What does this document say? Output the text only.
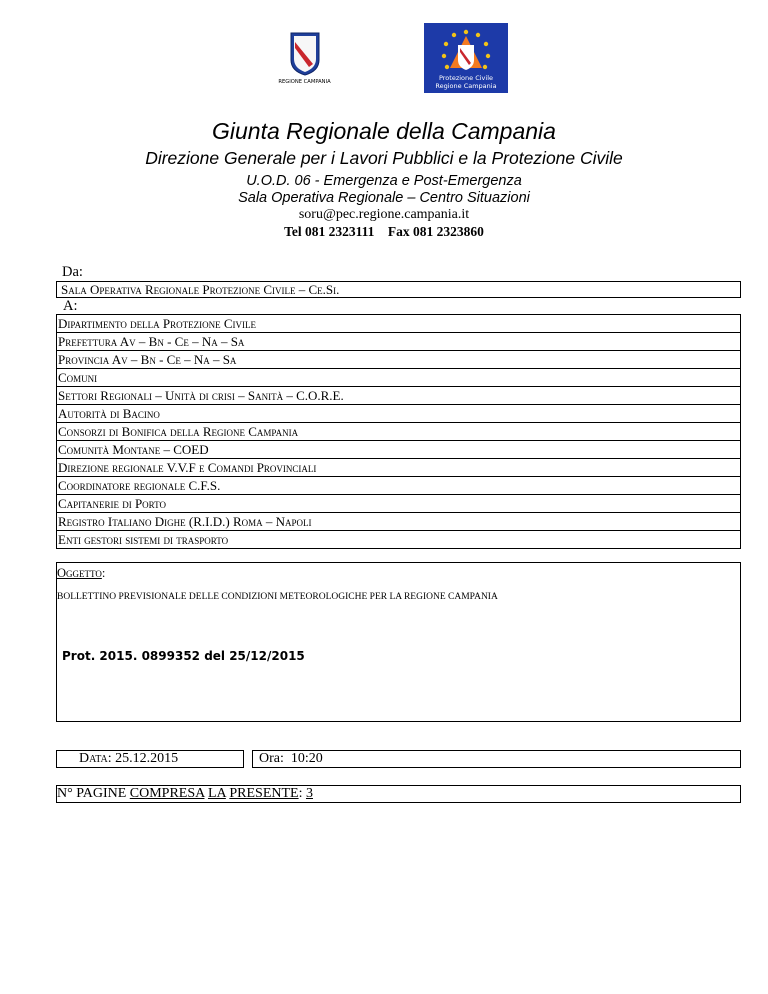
REGIONE CAMPANIA	Protezione Civile
Regione Campania
Giunta Regionale della Campania
Direzione Generale per i Lavori Pubblici e la Protezione Civile
U.O.D. 06 - Emergenza e Post-Emergenza
Sala Operativa Regionale – Centro Situazioni
soru@pec.regione.campania.it
Tel 081 2323111    Fax 081 2323860
Da:
Sala Operativa Regionale Protezione Civile – Ce.Si.
A:
Dipartimento della Protezione Civile
Prefettura Av – Bn - Ce – Na – Sa
Provincia Av – Bn - Ce – Na – Sa
Comuni
Settori Regionali – Unità di crisi – Sanità – C.O.R.E.
Autorità di Bacino
Consorzi di Bonifica della Regione Campania
Comunità Montane – COED
Direzione regionale V.V.F e Comandi Provinciali
Coordinatore regionale C.F.S.
Capitanerie di Porto
Registro Italiano Dighe (R.I.D.) Roma – Napoli
Enti gestori sistemi di trasporto
Oggetto:
BOLLETTINO PREVISIONALE DELLE CONDIZIONI METEOROLOGICHE PER LA REGIONE CAMPANIA
Prot. 2015. 0899352 del 25/12/2015
Data: 25.12.2015	Ora:  10:20
N° PAGINE COMPRESA LA PRESENTE: 3
